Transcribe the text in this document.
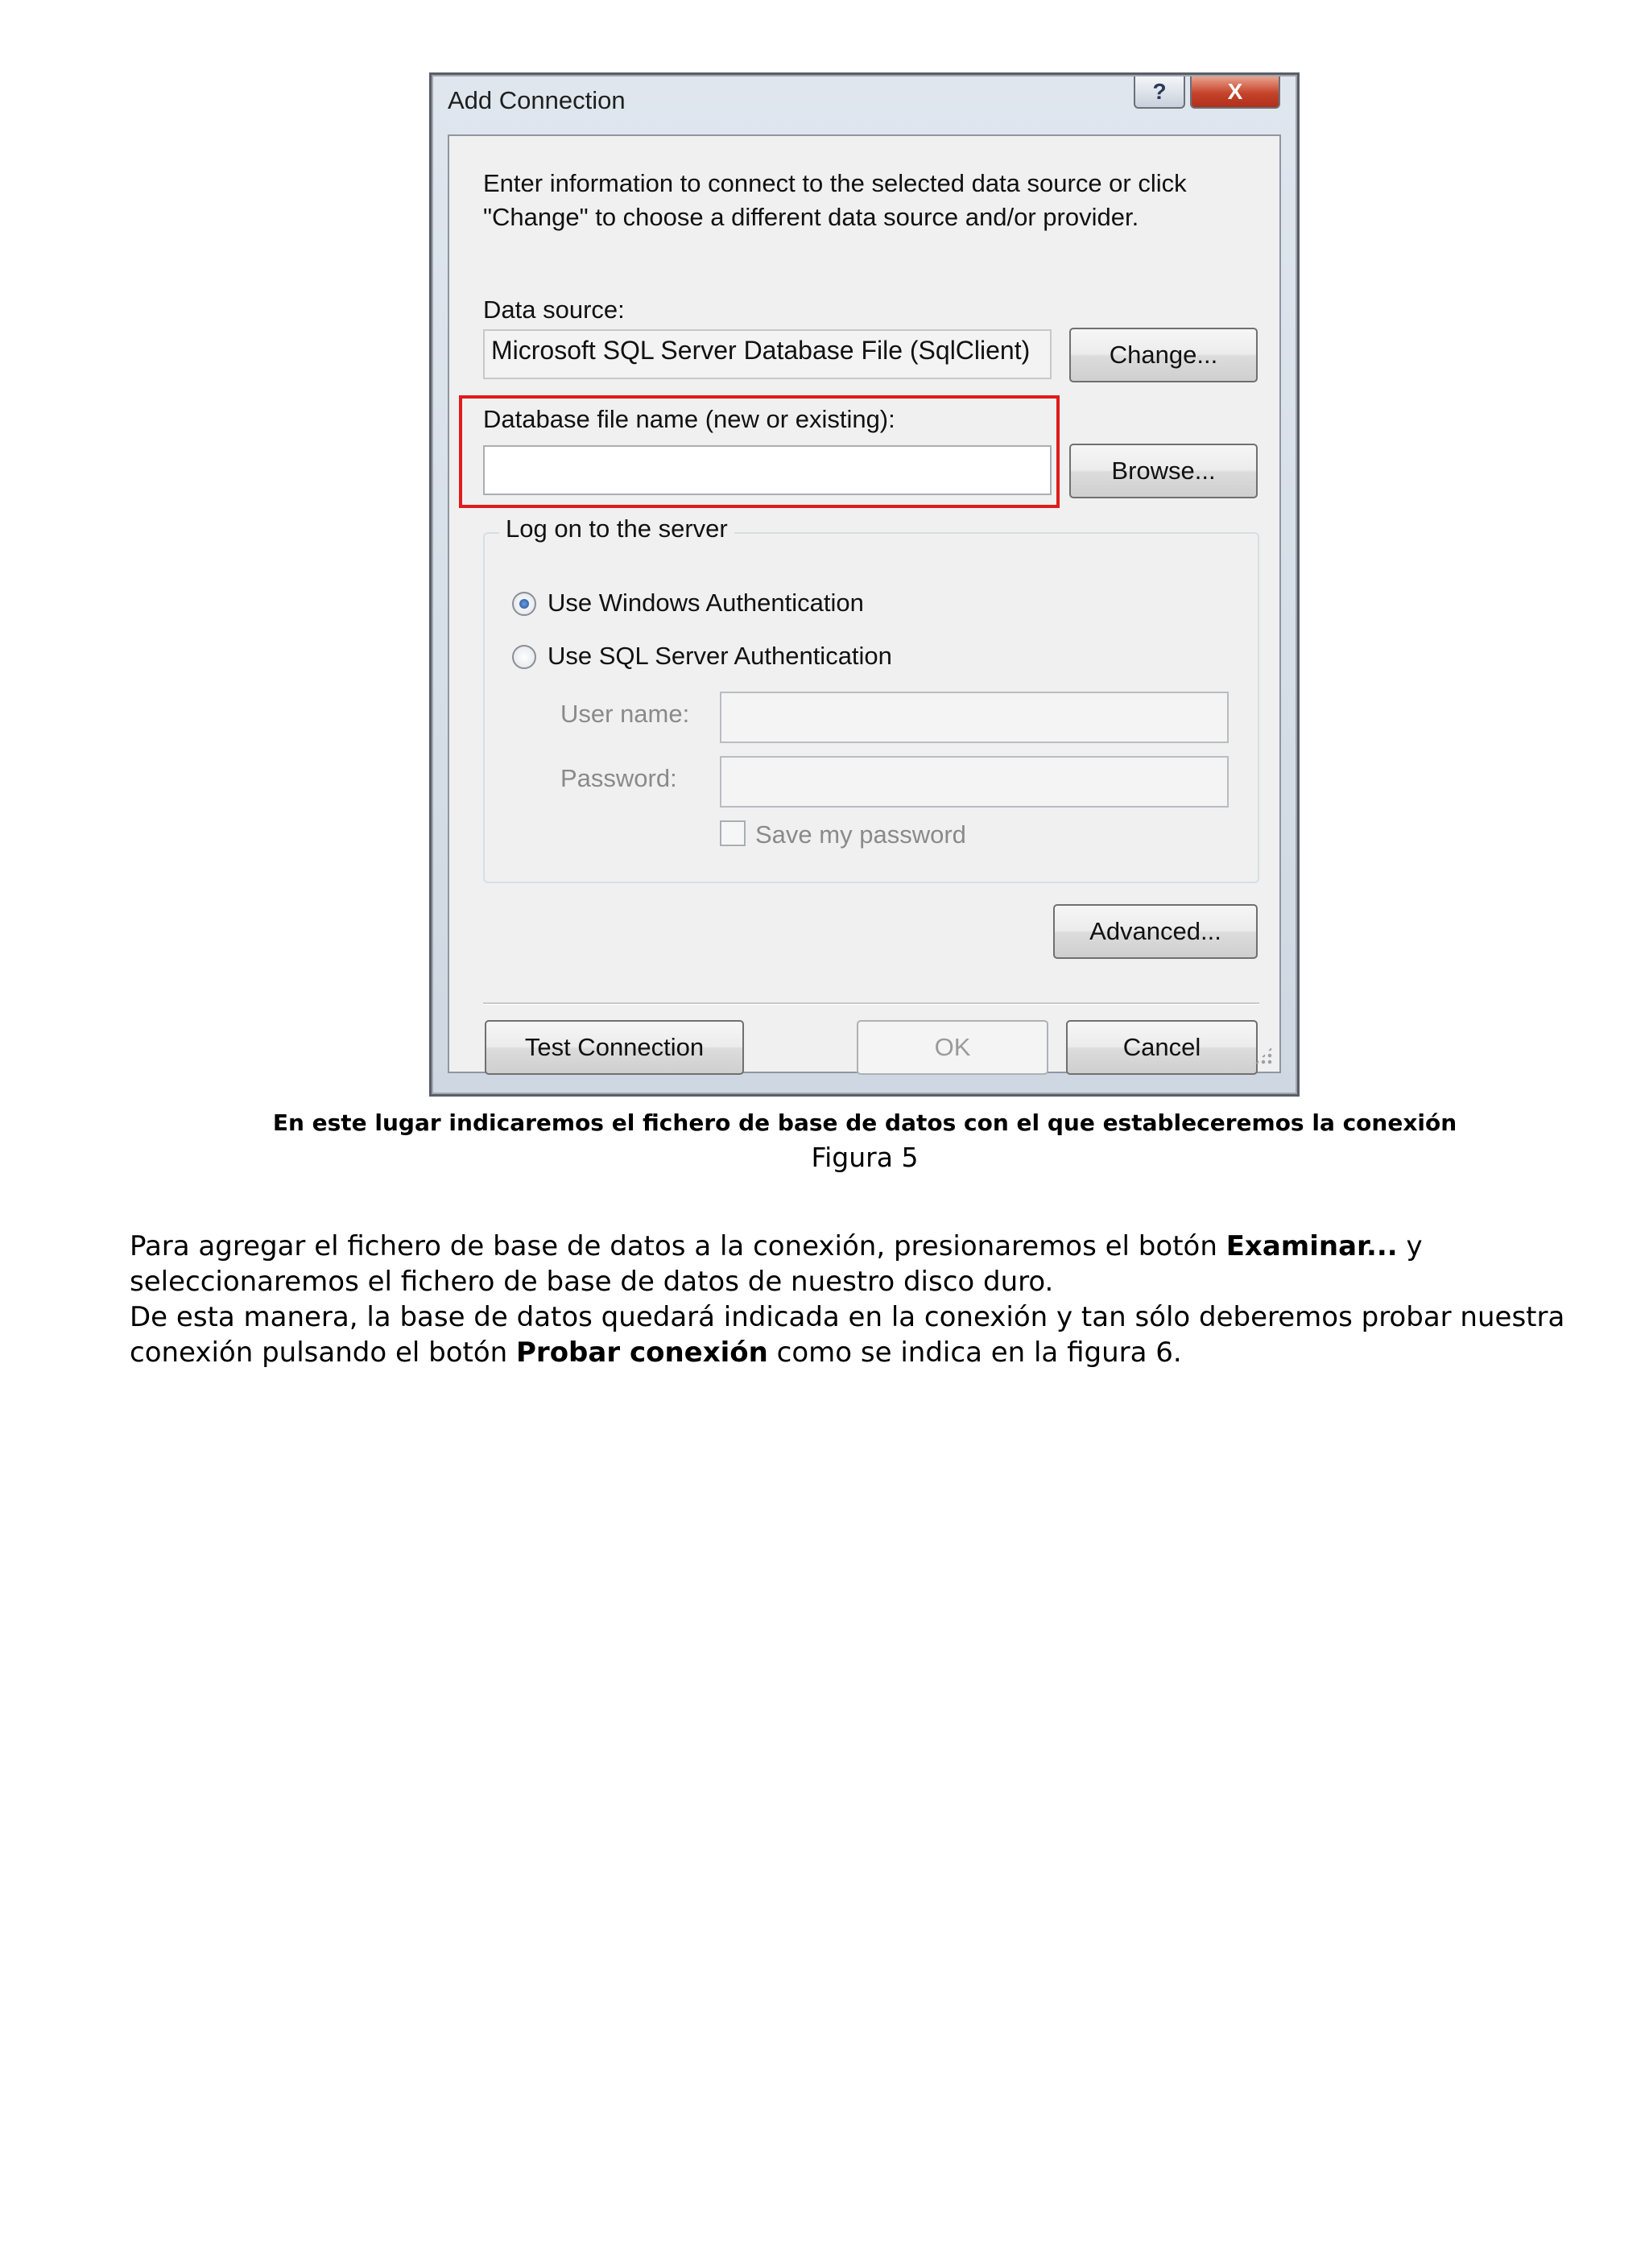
Add Connection	?	X
Enter information to connect to the selected data source or click "Change" to choose a different data source and/or provider.
Data source:
Microsoft SQL Server Database File (SqlClient)	Change...
Database file name (new or existing):
Browse...
Log on to the server
Use Windows Authentication
Use SQL Server Authentication
User name:
Password:
Save my password
Advanced...
Test Connection	OK	Cancel
En este lugar indicaremos el fichero de base de datos con el que estableceremos la conexión
Figura 5

Para agregar el fichero de base de datos a la conexión, presionaremos el botón Examinar... y seleccionaremos el fichero de base de datos de nuestro disco duro.

De esta manera, la base de datos quedará indicada en la conexión y tan sólo deberemos probar nuestra conexión pulsando el botón Probar conexión como se indica en la figura 6.
